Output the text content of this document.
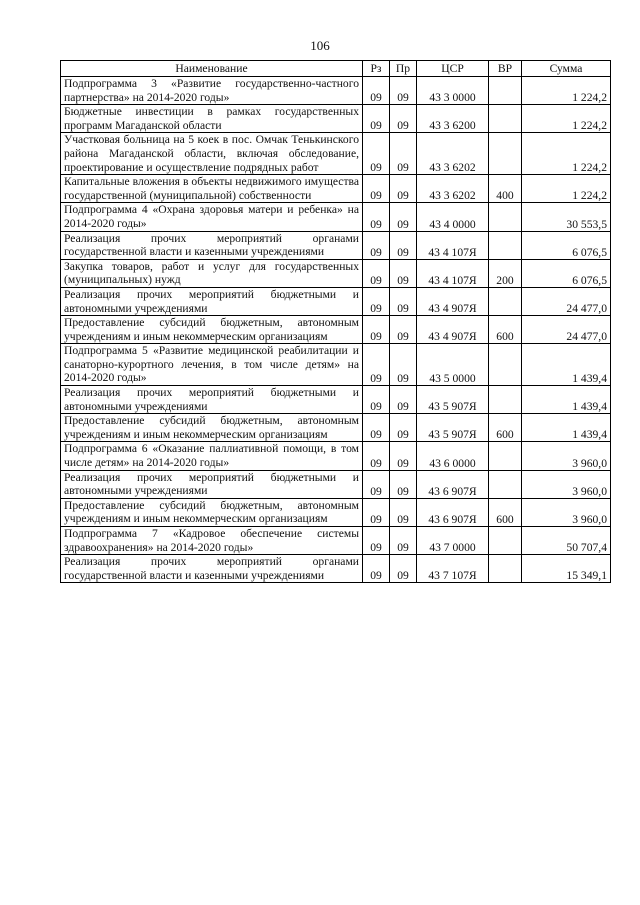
106
Наименование	Рз	Пр	ЦСР	ВР	Сумма
Подпрограмма 3 «Развитие государственно-частного партнерства» на 2014-2020 годы»	09	09	43 3 0000		1 224,2
Бюджетные инвестиции в рамках государственных программ Магаданской области	09	09	43 3 6200		1 224,2
Участковая больница на 5 коек в пос. Омчак Тенькинского района Магаданской области, включая обследование, проектирование и осуществление подрядных работ	09	09	43 3 6202		1 224,2
Капитальные вложения в объекты недвижимого имущества государственной (муниципальной) собственности	09	09	43 3 6202	400	1 224,2
Подпрограмма 4 «Охрана здоровья матери и ребенка» на 2014-2020 годы»	09	09	43 4 0000		30 553,5
Реализация прочих мероприятий органами государственной власти и казенными учреждениями	09	09	43 4 107Я		6 076,5
Закупка товаров, работ и услуг для государственных (муниципальных) нужд	09	09	43 4 107Я	200	6 076,5
Реализация прочих мероприятий бюджетными и автономными учреждениями	09	09	43 4 907Я		24 477,0
Предоставление субсидий бюджетным, автономным учреждениям и иным некоммерческим организациям	09	09	43 4 907Я	600	24 477,0
Подпрограмма 5 «Развитие медицинской реабилитации и санаторно-курортного лечения, в том числе детям» на 2014-2020 годы»	09	09	43 5 0000		1 439,4
Реализация прочих мероприятий бюджетными и автономными учреждениями	09	09	43 5 907Я		1 439,4
Предоставление субсидий бюджетным, автономным учреждениям и иным некоммерческим организациям	09	09	43 5 907Я	600	1 439,4
Подпрограмма 6 «Оказание паллиативной помощи, в том числе детям» на 2014-2020 годы»	09	09	43 6 0000		3 960,0
Реализация прочих мероприятий бюджетными и автономными учреждениями	09	09	43 6 907Я		3 960,0
Предоставление субсидий бюджетным, автономным учреждениям и иным некоммерческим организациям	09	09	43 6 907Я	600	3 960,0
Подпрограмма 7 «Кадровое обеспечение системы здравоохранения» на 2014-2020 годы»	09	09	43 7 0000		50 707,4
Реализация прочих мероприятий органами государственной власти и казенными учреждениями	09	09	43 7 107Я		15 349,1
